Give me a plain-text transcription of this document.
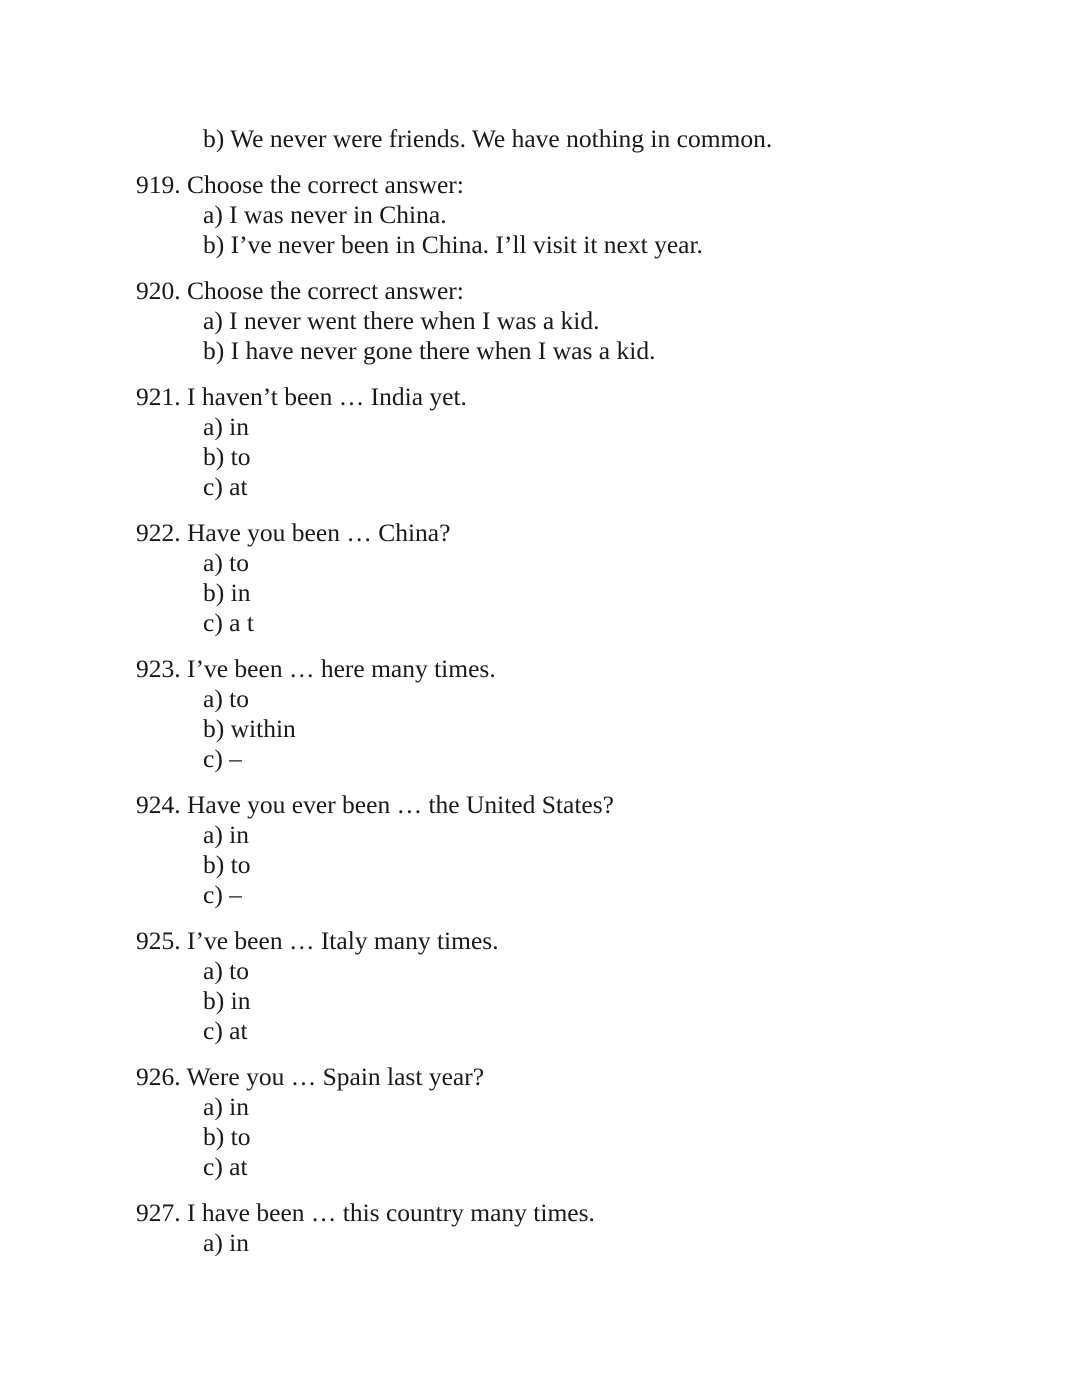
b) We never were friends. We have nothing in common.

919. Choose the correct answer:

a) I was never in China.
b) I’ve never been in China. I’ll visit it next year.

920. Choose the correct answer:

a) I never went there when I was a kid.
b) I have never gone there when I was a kid.

921. I haven’t been … India yet.

a) in
b) to
c) at

922. Have you been … China?

a) to
b) in
c) a t

923. I’ve been … here many times.

a) to
b) within
c) –

924. Have you ever been … the United States?

a) in
b) to
c) –

925. I’ve been … Italy many times.

a) to
b) in
c) at

926. Were you … Spain last year?

a) in
b) to
c) at

927. I have been … this country many times.

a) in
